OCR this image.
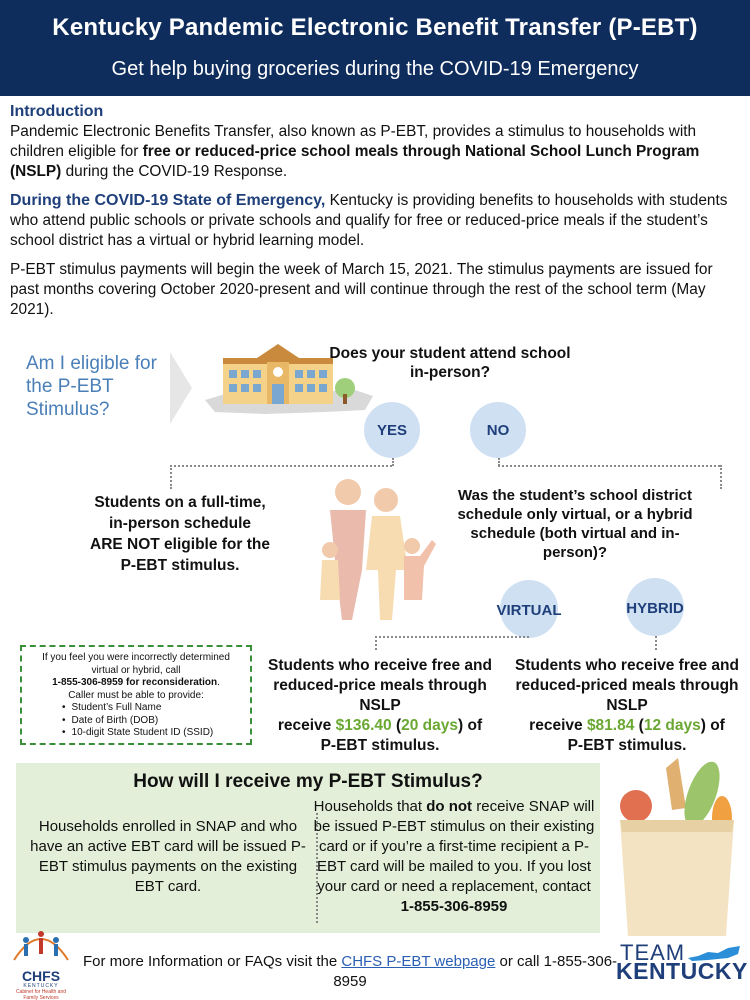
Kentucky Pandemic Electronic Benefit Transfer (P-EBT)
Get help buying groceries during the COVID-19 Emergency
Introduction

Pandemic Electronic Benefits Transfer, also known as P-EBT, provides a stimulus to households with children eligible for free or reduced-price school meals through National School Lunch Program (NSLP) during the COVID-19 Response.

During the COVID-19 State of Emergency, Kentucky is providing benefits to households with students who attend public schools or private schools and qualify for free or reduced-price meals if the student’s school district has a virtual or hybrid learning model.

P-EBT stimulus payments will begin the week of March 15, 2021. The stimulus payments are issued for past months covering October 2020-present and will continue through the rest of the school term (May 2021).

Am I eligible for the P-EBT Stimulus?
Does your student attend school in-person?
YES	NO
Students on a full-time,
in-person schedule
ARE NOT eligible for the
P-EBT stimulus.
Was the student’s school district schedule only virtual, or a hybrid schedule (both virtual and in-person)?
VIRTUAL	HYBRID
If you feel you were incorrectly determined
virtual or hybrid, call
1-855-306-8959 for reconsideration.
Caller must be able to provide:
• Student’s Full Name
• Date of Birth (DOB)
• 10-digit State Student ID (SSID)
Students who receive free and reduced-price meals through NSLP
receive $136.40 (20 days) of
P-EBT stimulus.
Students who receive free and reduced-priced meals through NSLP
receive $81.84 (12 days) of
P-EBT stimulus.
How will I receive my P-EBT Stimulus?
Households enrolled in SNAP and who have an active EBT card will be issued P-EBT stimulus payments on the existing EBT card.
Households that do not receive SNAP will be issued P-EBT stimulus on their existing card or if you’re a first-time recipient a P-EBT card will be mailed to you. If you lost your card or need a replacement, contact 1-855-306-8959
For more Information or FAQs visit the CHFS P-EBT webpage or call 1-855-306-8959
CHFS
KENTUCKY
Cabinet for Health and Family Services
TEAM
KENTUCKY
